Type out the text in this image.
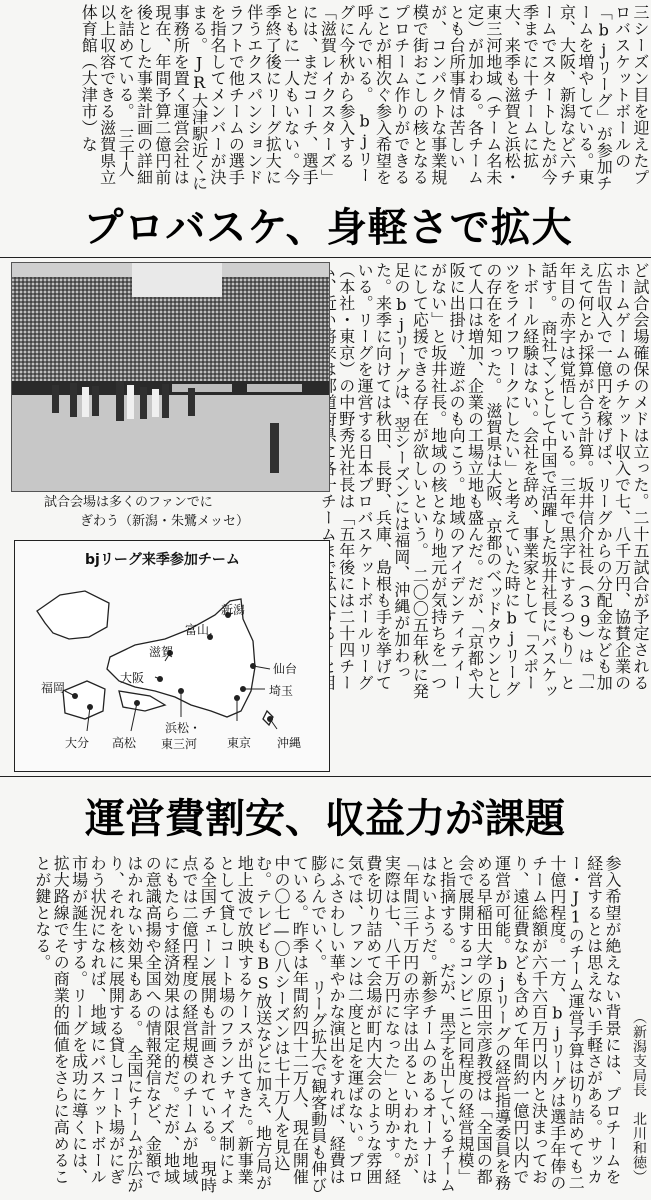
三シーズン目を迎えたプロバスケットボールの「bjリーグ」が参加チームを増やしている。東京、大阪、新潟など六チームでスタートしたが今季までに十チームに拡大、来季も滋賀と浜松・東三河地域（チーム名未定）が加わる。各チームとも台所事情は苦しいが、コンパクトな事業規模で街おこしの核となるプロチーム作りができることが相次ぐ参入希望を呼んでいる。　bjリーグに今秋から参入する「滋賀レイクスターズ」には、まだコーチ、選手ともに一人もいない。今季終了後にリーグ拡大に伴うエクスパンションドラフトで他チームの選手を指名してメンバーが決まる。JR大津駅近くに事務所を置く運営会社は現在、年間予算二億円前後とした事業計画の詳細を詰めている。　三千人以上収容できる滋賀県立体育館（大津市）な
プロバスケ、身軽さで拡大
ど試合会場確保のメドは立った。二十五試合が予定されるホームゲームのチケット収入で七、八千万円、協賛企業の広告収入で一億円を稼げば、リーグからの分配金なども加えて何とか採算が合う計算。坂井信介社長（39）は「一年目の赤字は覚悟している。三年で黒字にするつもり」と話す。　商社マンとして中国で活躍した坂井社長にバスケットボール経験はない。会社を辞め、事業家として「スポーツをライフワークにしたい」と考えていた時にbjリーグの存在を知った。　滋賀県は大阪、京都のベッドタウンとして人口は増加、企業の工場立地も盛んだ。だが、「京都や大阪に出掛け、遊ぶのも向こう。地域のアイデンティティーがない」と坂井社長。地域の核となり地元が気持ちを一つにして応援できる存在が欲しいという。　二〇〇五年秋に発足のbjリーグは、翌シーズンには福岡、沖縄が加わった。来季に向けては秋田、長野、兵庫、島根も手を挙げている。リーグを運営する日本プロバスケットボールリーグ（本社・東京）の中野秀光社長は「五年後には二十四チー チームま
試合会場は多くのファンでに
ぎわう（新潟・朱鷺メッセ）
bjリーグ来季参加チーム
新潟
富山
滋賀
仙台
大阪
埼玉
福岡
浜松・
東三河
大分 高松	東京 沖縄
運営費割安、収益力が課題
参入希望が絶えない背景には、プロチームを経営するとは思えない手軽さがある。サッカー・J1のチーム運営予算は切り詰めても二十億円程度。一方、bjリーグは選手年俸のチーム総額が六千六百万円以内と決まっており、遠征費なども含めて年間約一億円以内で運営が可能。bjリーグの経営指導委員を務める早稲田大学の原田宗彦教授は「全国の都会で展開するコンビニと同程度の経営規模」と指摘する。　だが、黒字を出しているチームはないようだ。新参チームのあるオーナーは「年間三千万円の赤字は出るといわれたが、実際は七、八千万円になった」と明かす。経費を切り詰めて会場が町内大会のような雰囲気では、ファンは二度と足を運ばない。プロにふさわしい華やかな演出をすれば、経費は膨らんでいく。　リーグ拡大で観客動員も伸びている。昨季は年間約四十二万人、現在開催中の〇七—〇八シーズンは七十万人を見込む。テレビもBS放送などに加え、地方局が地上波で放映するケースが出てきた。新事業として貸しコート場のフランチャイズ制による全国チェーン展開も計画されている。　現時点では二億円程度の経営規模のチームが地域にもたらす経済効果は限定的だ。だが、地域の意識高揚や全国への情報発信など、金額ではかれない効果もある。　全国にチームが広がり、それを核に展開する貸しコート場がにぎわう状況になれば、地域にバスケットボール市場が誕生する。リーグを成功に導くには、拡大路線でその商業的価値をさらに高めることが鍵となる。
（新潟支局長　北川和徳）
